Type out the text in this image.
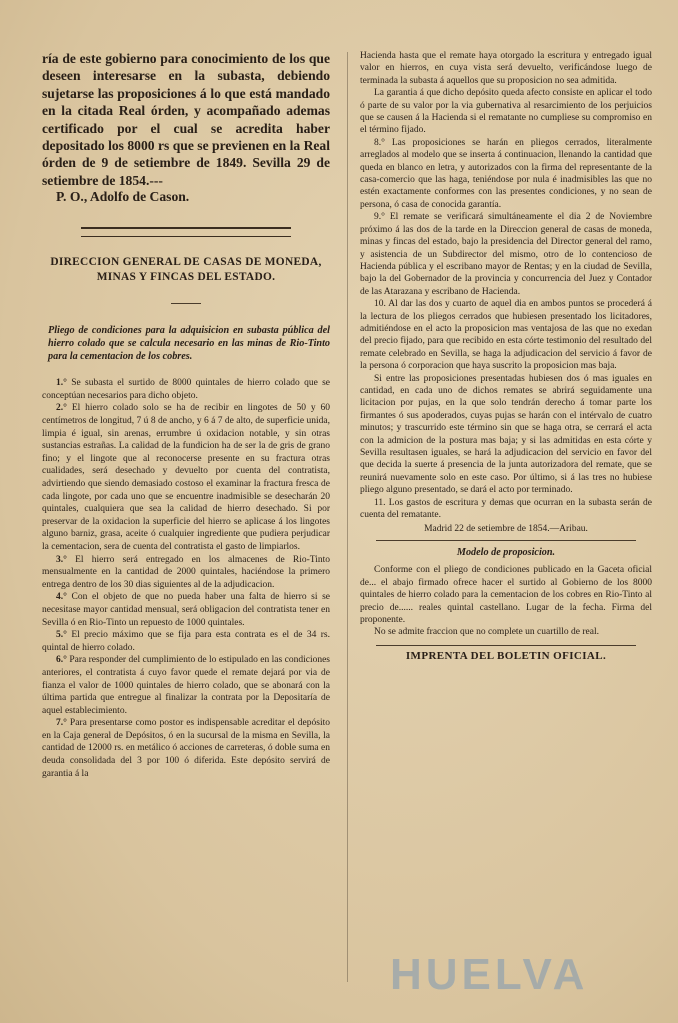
ría de este gobierno para conocimiento de los que deseen interesarse en la subasta, debiendo sujetarse las proposiciones á lo que está mandado en la citada Real órden, y acompañado ademas certificado por el cual se acredita haber depositado los 8000 rs que se previenen en la Real órden de 9 de setiembre de 1849. Sevilla 29 de setiembre de 1854.---

P. O., Adolfo de Cason.

DIRECCION GENERAL DE CASAS DE MONEDA,
MINAS Y FINCAS DEL ESTADO.

Pliego de condiciones para la adquisicion en subasta pública del hierro colado que se calcula necesario en las minas de Rio-Tinto para la cementacion de los cobres.

1.° Se subasta el surtido de 8000 quintales de hierro colado que se conceptúan necesarios para dicho objeto.

2.° El hierro colado solo se ha de recibir en lingotes de 50 y 60 centímetros de longitud, 7 ú 8 de ancho, y 6 á 7 de alto, de superficie unida, limpia é igual, sin arenas, errumbre ú oxidacion notable, y sin otras sustancias estrañas. La calidad de la fundicion ha de ser la de gris de grano fino; y el lingote que al reconocerse presente en su fractura otras cualidades, será desechado y devuelto por cuenta del contratista, advirtiendo que siendo demasiado costoso el examinar la fractura fresca de cada lingote, por cada uno que se encuentre inadmisible se desecharán 20 quintales, cualquiera que sea la calidad de hierro desechado. Si por preservar de la oxidacion la superficie del hierro se aplicase á los lingotes alguno barniz, grasa, aceite ó cualquier ingrediente que pudiera perjudicar la cementacion, sera de cuenta del contratista el gasto de limpiarlos.

3.° El hierro será entregado en los almacenes de Rio-Tinto mensualmente en la cantidad de 2000 quintales, haciéndose la primero entrega dentro de los 30 dias siguientes al de la adjudicacion.

4.° Con el objeto de que no pueda haber una falta de hierro si se necesitase mayor cantidad mensual, será obligacion del contratista tener en Sevilla ó en Rio-Tinto un repuesto de 1000 quintales.

5.° El precio máximo que se fija para esta contrata es el de 34 rs. quintal de hierro colado.

6.° Para responder del cumplimiento de lo estipulado en las condiciones anteriores, el contratista á cuyo favor quede el remate dejará por via de fianza el valor de 1000 quintales de hierro colado, que se abonará con la última partida que entregue al finalizar la contrata por la Depositaría de aquel establecimiento.

7.° Para presentarse como postor es indispensable acreditar el depósito en la Caja general de Depósitos, ó en la sucursal de la misma en Sevilla, la cantidad de 12000 rs. en metálico ó acciones de carreteras, ó doble suma en deuda consolidada del 3 por 100 ó diferida. Este depósito servirá de garantia á la

Hacienda hasta que el remate haya otorgado la escritura y entregado igual valor en hierros, en cuya vista será devuelto, verificándose luego de terminada la subasta á aquellos que su proposicion no sea admitida.

La garantia á que dicho depósito queda afecto consiste en aplicar el todo ó parte de su valor por la via gubernativa al resarcimiento de los perjuicios que se causen á la Hacienda si el rematante no cumpliese su compromiso en el término fijado.

8.° Las proposiciones se harán en pliegos cerrados, literalmente arreglados al modelo que se inserta á continuacion, llenando la cantidad que queda en blanco en letra, y autorizados con la firma del representante de la casa-comercio que las haga, teniéndose por nula é inadmisibles las que no estén exactamente conformes con las presentes condiciones, y no sean de persona, ó casa de conocida garantía.

9.° El remate se verificará simultáneamente el dia 2 de Noviembre próximo á las dos de la tarde en la Direccion general de casas de moneda, minas y fincas del estado, bajo la presidencia del Director general del ramo, y asistencia de un Subdirector del mismo, otro de lo contencioso de Hacienda pública y el escribano mayor de Rentas; y en la ciudad de Sevilla, bajo la del Gobernador de la provincia y concurrencia del Juez y Contador de las Atarazana y escribano de Hacienda.

10. Al dar las dos y cuarto de aquel dia en ambos puntos se procederá á la lectura de los pliegos cerrados que hubiesen presentado los licitadores, admitiéndose en el acto la proposicion mas ventajosa de las que no exedan del precio fijado, para que recibido en esta córte testimonio del resultado del remate celebrado en Sevilla, se haga la adjudicacion del servicio á favor de la persona ó corporacion que haya suscrito la proposicion mas baja.

Si entre las proposiciones presentadas hubiesen dos ó mas iguales en cantidad, en cada uno de dichos remates se abrirá seguidamente una licitacion por pujas, en la que solo tendrán derecho á tomar parte los firmantes ó sus apoderados, cuyas pujas se harán con el intérvalo de cuatro minutos; y trascurrido este término sin que se haga otra, se cerrará el acta con la admicion de la postura mas baja; y si las admitidas en esta córte y Sevilla resultasen iguales, se hará la adjudicacion del servicio en favor del que decida la suerte á presencia de la junta autorizadora del remate, que se reunirá nuevamente solo en este caso. Por último, si á las tres no hubiese pliego alguno presentado, se dará el acto por terminado.

11. Los gastos de escritura y demas que ocurran en la subasta serán de cuenta del rematante.

Madrid 22 de setiembre de 1854.—Aribau.
Modelo de proposicion.

Conforme con el pliego de condiciones publicado en la Gaceta oficial de... el abajo firmado ofrece hacer el surtido al Gobierno de los 8000 quintales de hierro colado para la cementacion de los cobres en Rio-Tinto al precio de...... reales quintal castellano. Lugar de la fecha. Firma del proponente.

No se admite fraccion que no complete un cuartillo de real.

IMPRENTA DEL BOLETIN OFICIAL.
HUELVA
